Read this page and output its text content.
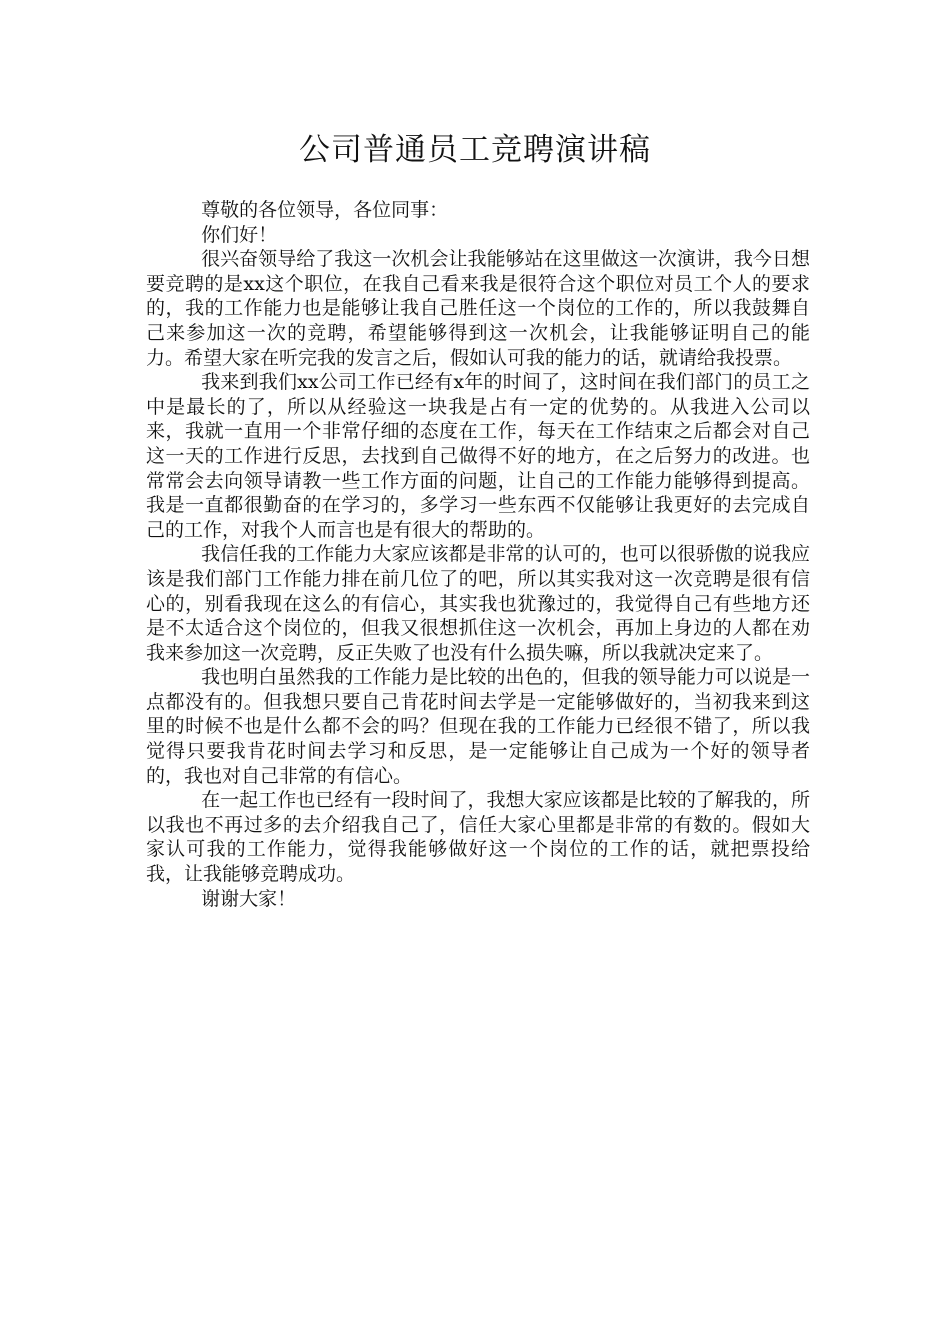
公司普通员工竞聘演讲稿

尊敬的各位领导，各位同事：

你们好！

很兴奋领导给了我这一次机会让我能够站在这里做这一次演讲，我今日想要竞聘的是xx这个职位，在我自己看来我是很符合这个职位对员工个人的要求的，我的工作能力也是能够让我自己胜任这一个岗位的工作的，所以我鼓舞自己来参加这一次的竞聘，希望能够得到这一次机会，让我能够证明自己的能力。希望大家在听完我的发言之后，假如认可我的能力的话，就请给我投票。

我来到我们xx公司工作已经有x年的时间了，这时间在我们部门的员工之中是最长的了，所以从经验这一块我是占有一定的优势的。从我进入公司以来，我就一直用一个非常仔细的态度在工作，每天在工作结束之后都会对自己这一天的工作进行反思，去找到自己做得不好的地方，在之后努力的改进。也常常会去向领导请教一些工作方面的问题，让自己的工作能力能够得到提高。我是一直都很勤奋的在学习的，多学习一些东西不仅能够让我更好的去完成自己的工作，对我个人而言也是有很大的帮助的。

我信任我的工作能力大家应该都是非常的认可的，也可以很骄傲的说我应该是我们部门工作能力排在前几位了的吧，所以其实我对这一次竞聘是很有信心的，别看我现在这么的有信心，其实我也犹豫过的，我觉得自己有些地方还是不太适合这个岗位的，但我又很想抓住这一次机会，再加上身边的人都在劝我来参加这一次竞聘，反正失败了也没有什么损失嘛，所以我就决定来了。

我也明白虽然我的工作能力是比较的出色的，但我的领导能力可以说是一点都没有的。但我想只要自己肯花时间去学是一定能够做好的，当初我来到这里的时候不也是什么都不会的吗？但现在我的工作能力已经很不错了，所以我觉得只要我肯花时间去学习和反思，是一定能够让自己成为一个好的领导者的，我也对自己非常的有信心。

在一起工作也已经有一段时间了，我想大家应该都是比较的了解我的，所以我也不再过多的去介绍我自己了，信任大家心里都是非常的有数的。假如大家认可我的工作能力，觉得我能够做好这一个岗位的工作的话，就把票投给我，让我能够竞聘成功。

谢谢大家！
